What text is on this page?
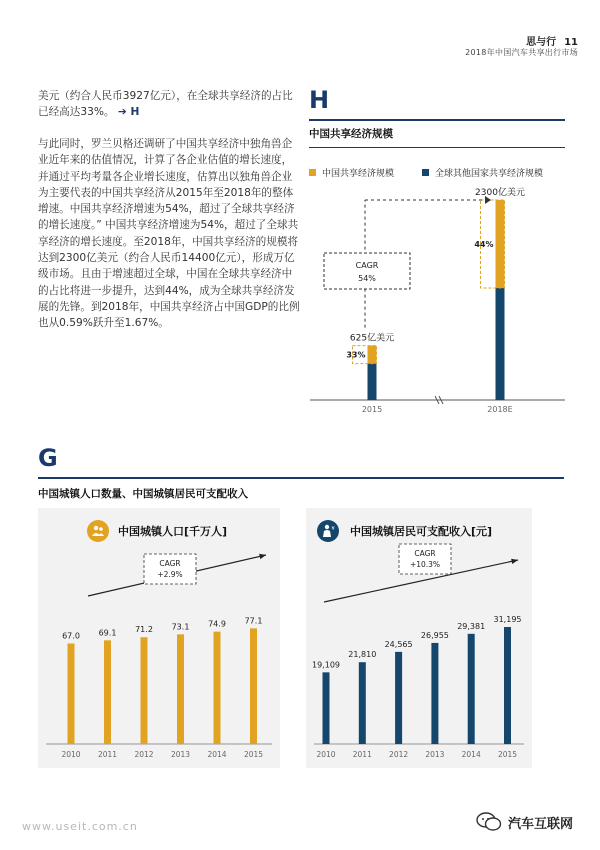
思与行 11
2018年中国汽车共享出行市场
美元（约合人民币3927亿元），在全球共享经济的占比已经高达33%。 ➔ H
与此同时，罗兰贝格还调研了中国共享经济中独角兽企业近年来的估值情况，计算了各企业估值的增长速度，并通过平均考量各企业增长速度，估算出以独角兽企业为主要代表的中国共享经济从2015年至2018年的整体增速。中国共享经济增速为54%，超过了全球共享经济的增长速度。” 中国共享经济增速为54%，超过了全球共享经济的增长速度。至2018年，中国共享经济的规模将达到2300亿美元（约合人民币14400亿元），形成万亿级市场。且由于增速超过全球，中国在全球共享经济中的占比将进一步提升，达到44%，成为全球共享经济发展的先锋。到2018年，中国共享经济占中国GDP的比例也从0.59%跃升至1.67%。
H
中国共享经济规模
中国共享经济规模	全球其他国家共享经济规模
33%
625亿美元
2015
44%
2300亿美元
2018E
CAGR
54%
G
中国城镇人口数量、中国城镇居民可支配收入
中国城镇人口[千万人]
67.0
2010
69.1
2011
71.2
2012
73.1
2013
74.9
2014
77.1
2015
CAGR
+2.9%
¥ 中国城镇居民可支配收入[元]
19,109
2010
21,810
2011
24,565
2012
26,955
2013
29,381
2014
31,195
2015
CAGR
+10.3%
www.useit.com.cn	汽车互联网
